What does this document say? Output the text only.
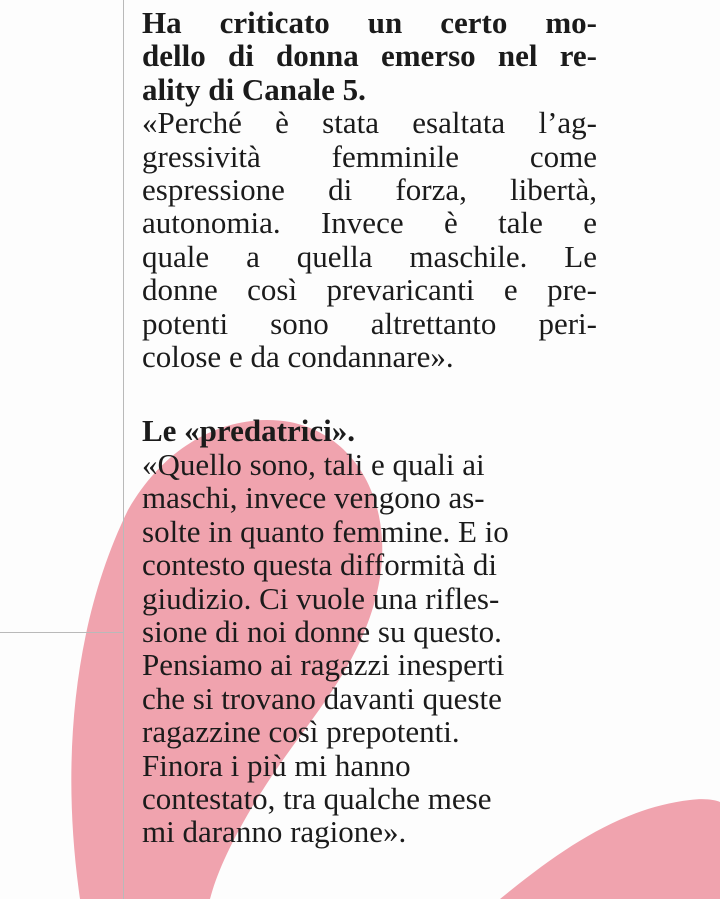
Ha criticato un certo mo-
dello di donna emerso nel re-
ality di Canale 5.
«Perché è stata esaltata l’ag-
gressività femminile come
espressione di forza, libertà,
autonomia. Invece è tale e
quale a quella maschile. Le
donne così prevaricanti e pre-
potenti sono altrettanto peri-
colose e da condannare».
Le «predatrici».
«Quello sono, tali e quali ai
maschi, invece vengono as-
solte in quanto femmine. E io
contesto questa difformità di
giudizio. Ci vuole una rifles-
sione di noi donne su questo.
Pensiamo ai ragazzi inesperti
che si trovano davanti queste
ragazzine così prepotenti.
Finora i più mi hanno
contestato, tra qualche mese
mi daranno ragione».
